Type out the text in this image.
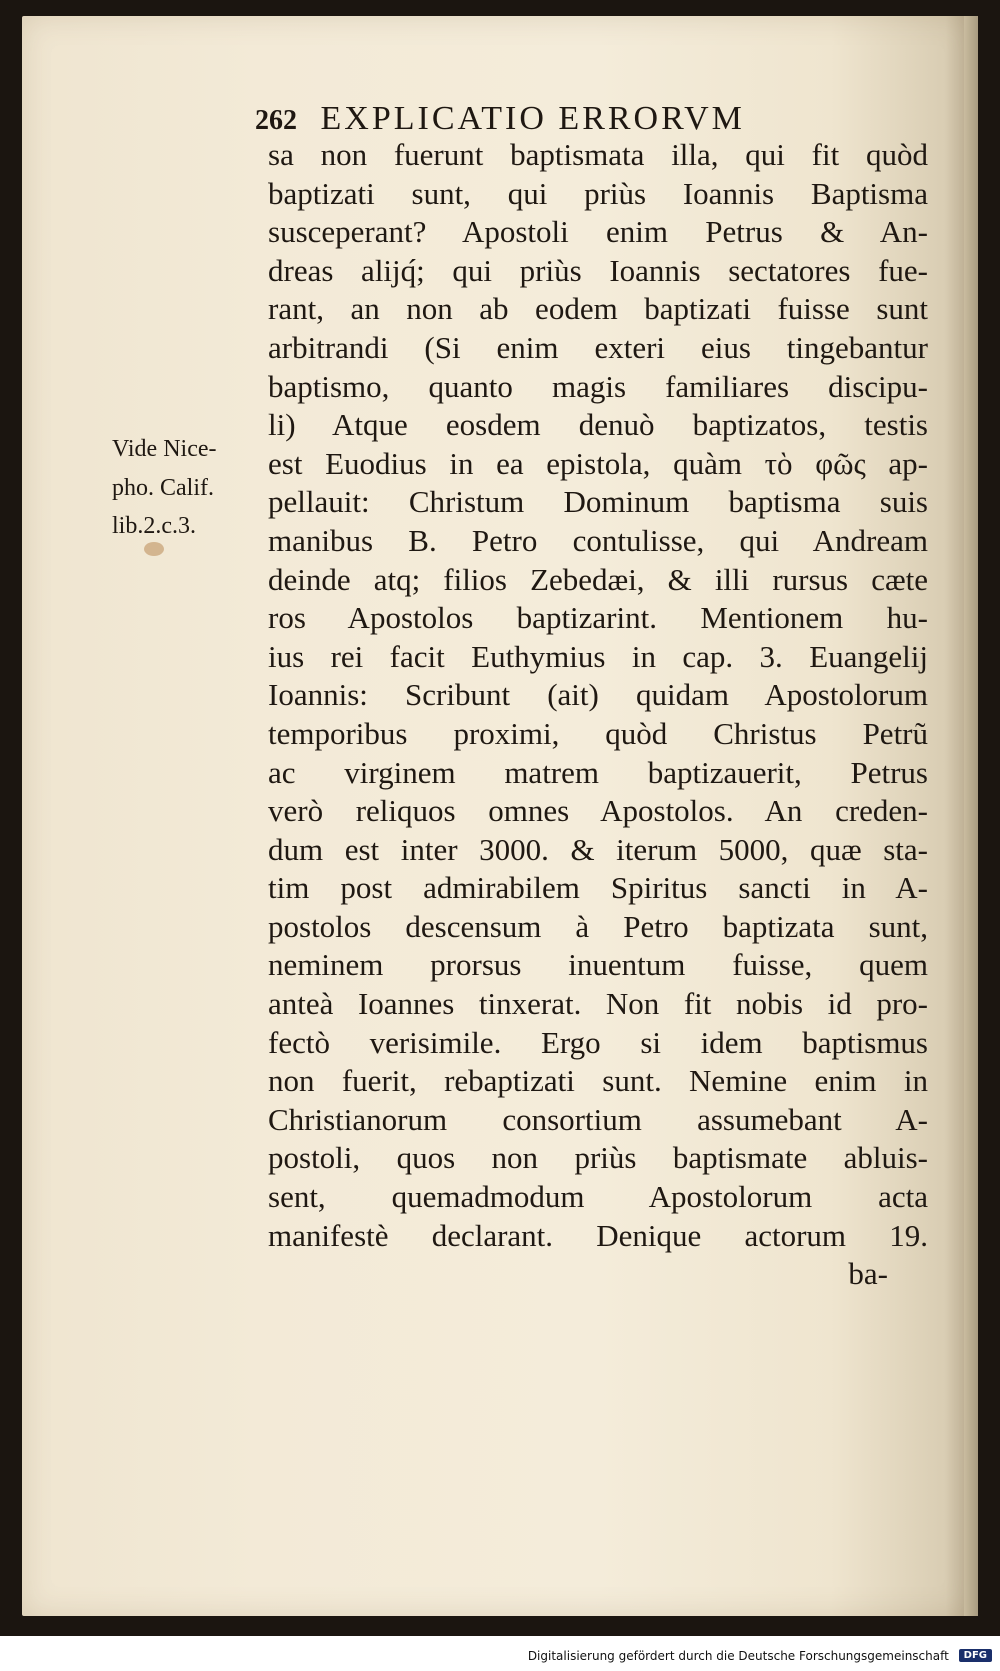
262 EXPLICATIO ERRORVM
Vide Nice-
pho. Calif.
lib.2.c.3.
sa non fuerunt baptismata illa, qui fit quòd
baptizati sunt, qui priùs Ioannis Baptisma
susceperant? Apostoli enim Petrus & An-
dreas alijq́; qui priùs Ioannis sectatores fue-
rant, an non ab eodem baptizati fuisse sunt
arbitrandi (Si enim exteri eius tingebantur
baptismo, quanto magis familiares discipu-
li) Atque eosdem denuò baptizatos, testis
est Euodius in ea epistola, quàm τὸ φῶς ap-
pellauit: Christum Dominum baptisma suis
manibus B. Petro contulisse, qui Andream
deinde atq; filios Zebedæi, & illi rursus cæte
ros Apostolos baptizarint. Mentionem hu-
ius rei facit Euthymius in cap. 3. Euangelij
Ioannis: Scribunt (ait) quidam Apostolorum
temporibus proximi, quòd Christus Petrũ
ac virginem matrem baptizauerit, Petrus
verò reliquos omnes Apostolos. An creden-
dum est inter 3000. & iterum 5000, quæ sta-
tim post admirabilem Spiritus sancti in A-
postolos descensum à Petro baptizata sunt,
neminem prorsus inuentum fuisse, quem
anteà Ioannes tinxerat. Non fit nobis id pro-
fectò verisimile. Ergo si idem baptismus
non fuerit, rebaptizati sunt. Nemine enim in
Christianorum consortium assumebant A-
postoli, quos non priùs baptismate abluis-
sent, quemadmodum Apostolorum acta
manifestè declarant. Denique actorum 19.
ba-
Digitalisierung gefördert durch die Deutsche Forschungsgemeinschaft DFG
